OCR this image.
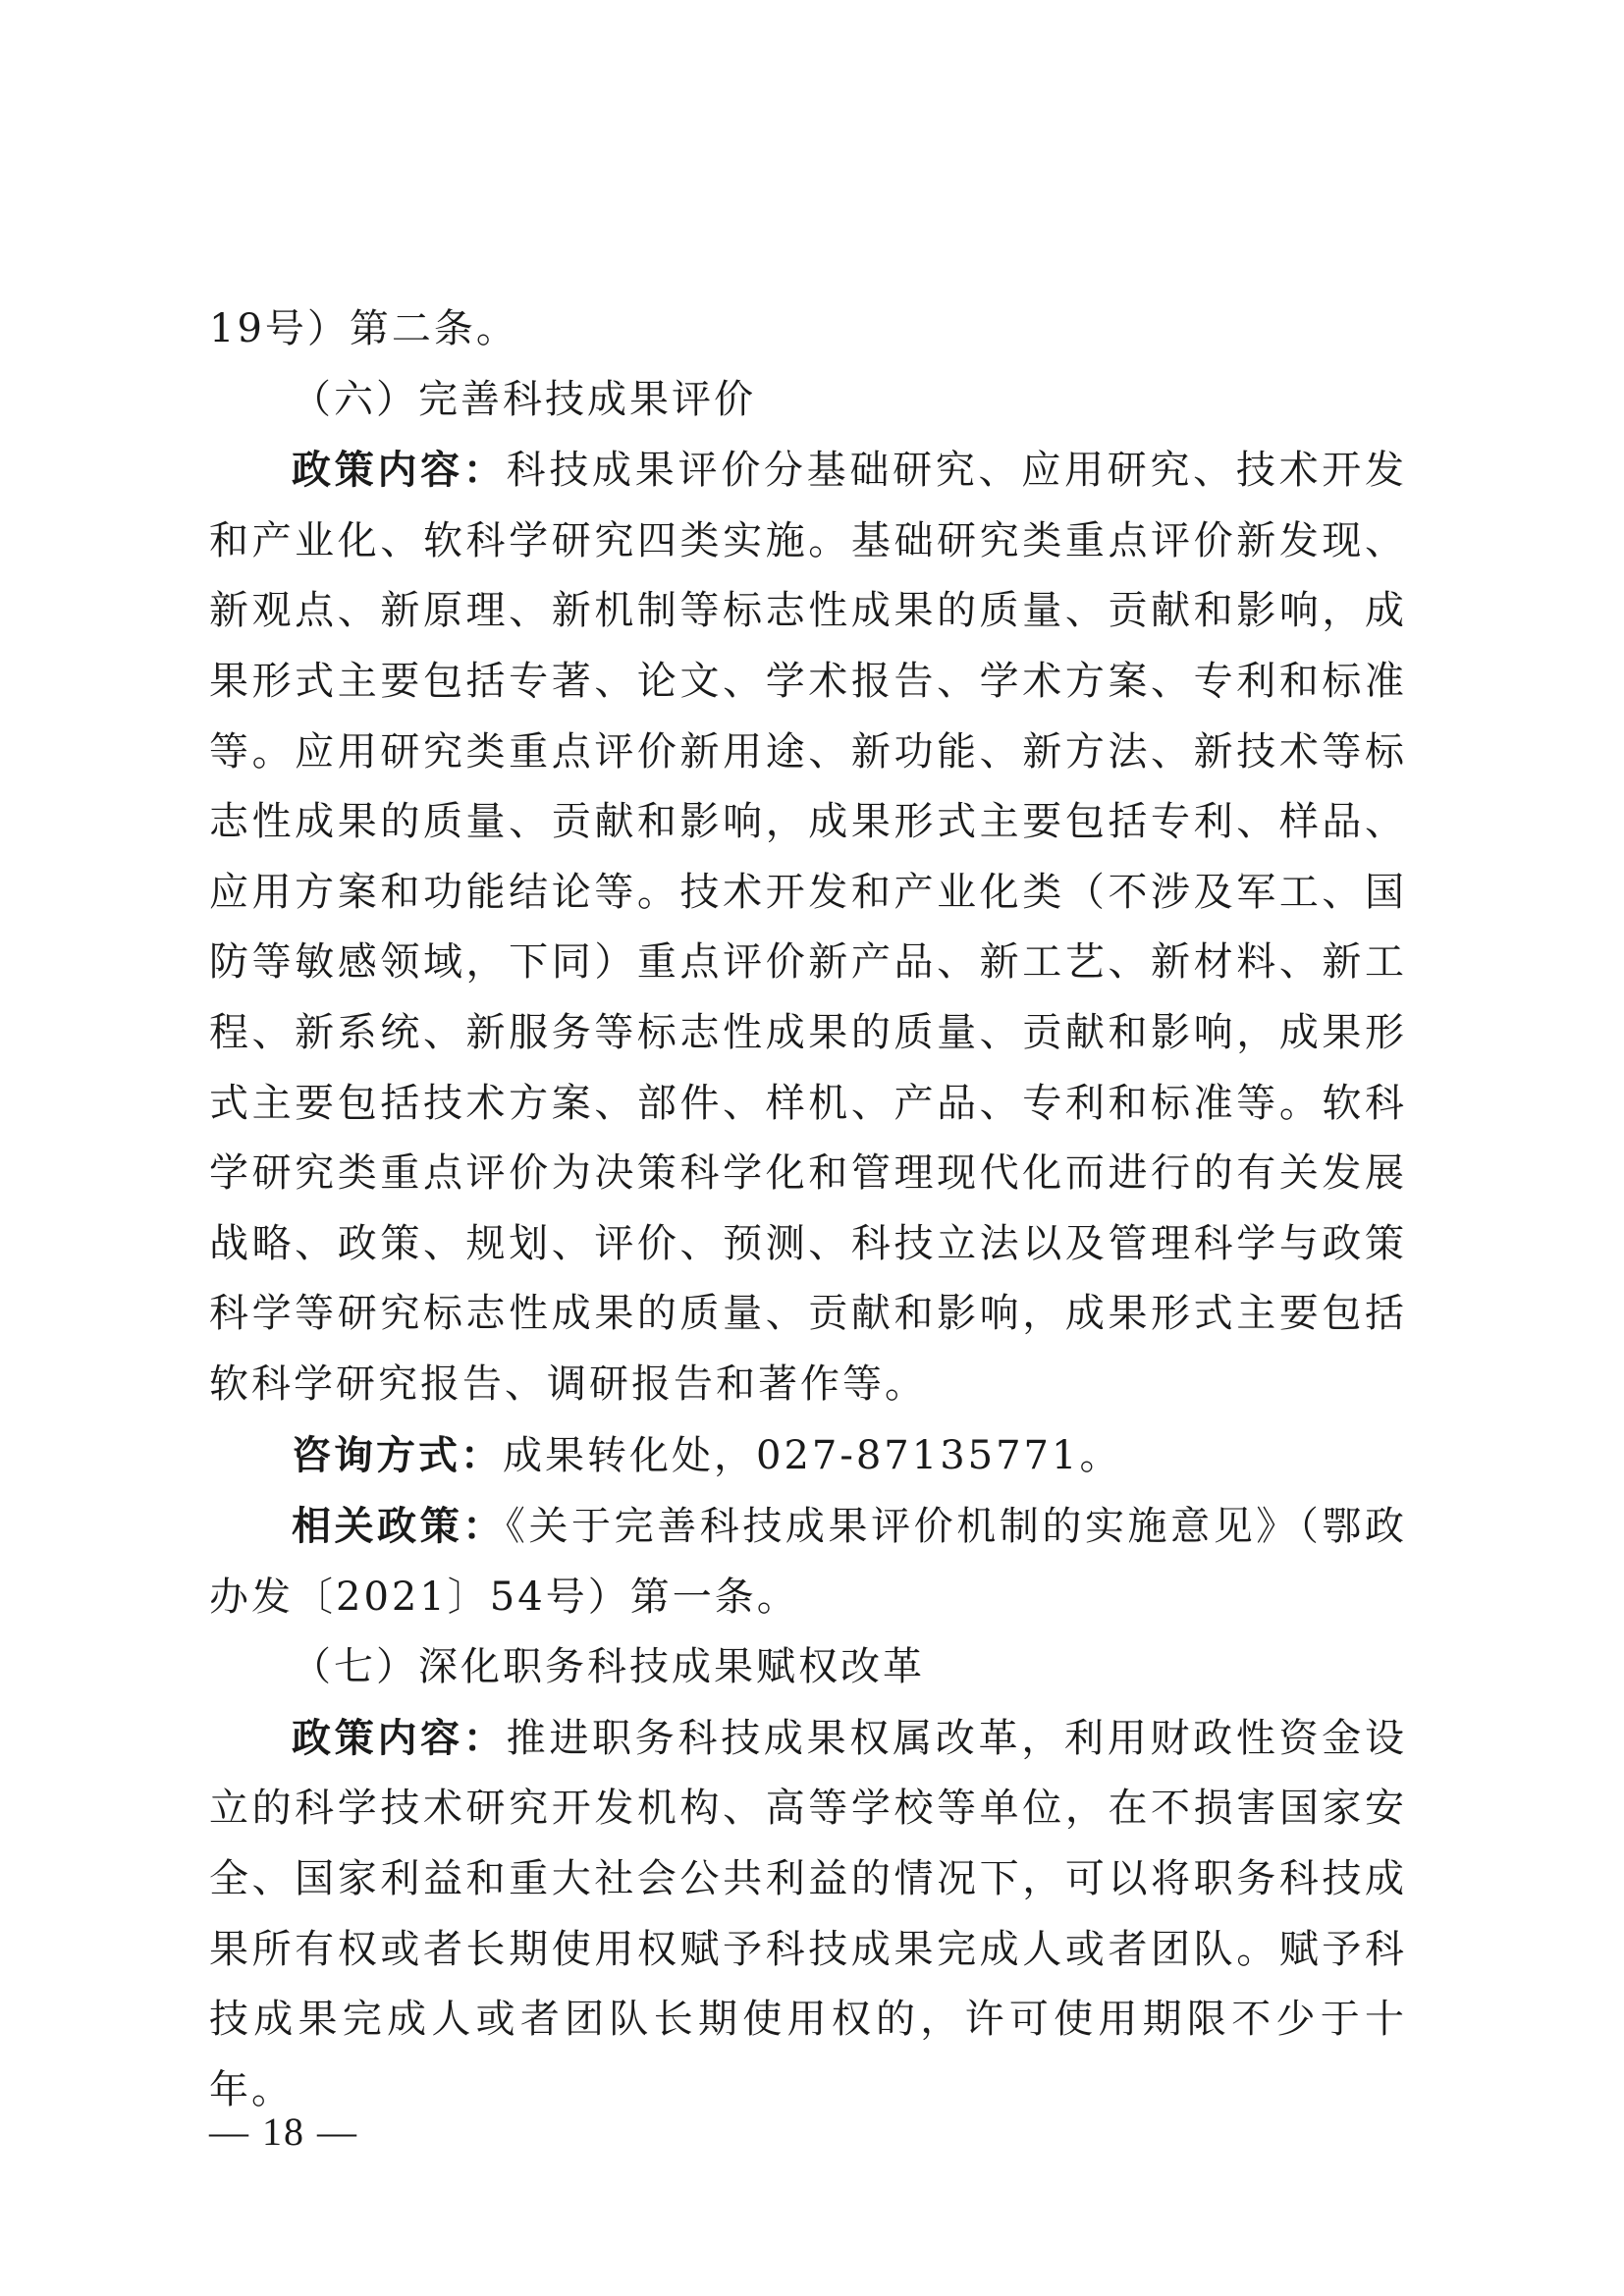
19号）第二条。

（六）完善科技成果评价

政策内容：科技成果评价分基础研究、应用研究、技术开发和产业化、软科学研究四类实施。基础研究类重点评价新发现、新观点、新原理、新机制等标志性成果的质量、贡献和影响，成果形式主要包括专著、论文、学术报告、学术方案、专利和标准等。应用研究类重点评价新用途、新功能、新方法、新技术等标志性成果的质量、贡献和影响，成果形式主要包括专利、样品、应用方案和功能结论等。技术开发和产业化类（不涉及军工、国防等敏感领域，下同）重点评价新产品、新工艺、新材料、新工程、新系统、新服务等标志性成果的质量、贡献和影响，成果形式主要包括技术方案、部件、样机、产品、专利和标准等。软科学研究类重点评价为决策科学化和管理现代化而进行的有关发展战略、政策、规划、评价、预测、科技立法以及管理科学与政策科学等研究标志性成果的质量、贡献和影响，成果形式主要包括软科学研究报告、调研报告和著作等。

咨询方式：成果转化处，027-87135771。

相关政策：《关于完善科技成果评价机制的实施意见》（鄂政办发〔2021〕54号）第一条。

（七）深化职务科技成果赋权改革

政策内容：推进职务科技成果权属改革，利用财政性资金设立的科学技术研究开发机构、高等学校等单位，在不损害国家安全、国家利益和重大社会公共利益的情况下，可以将职务科技成果所有权或者长期使用权赋予科技成果完成人或者团队。赋予科技成果完成人或者团队长期使用权的，许可使用期限不少于十年。

— 18 —
